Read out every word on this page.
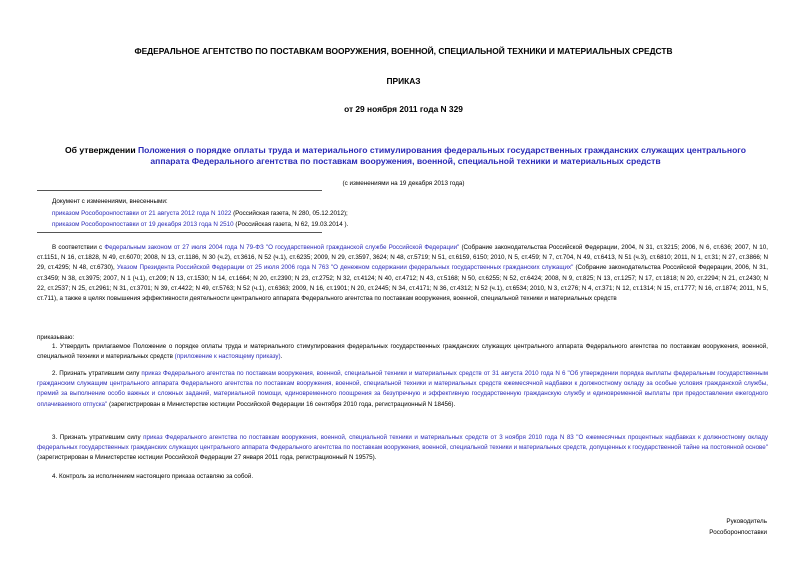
ФЕДЕРАЛЬНОЕ АГЕНТСТВО ПО ПОСТАВКАМ ВООРУЖЕНИЯ, ВОЕННОЙ, СПЕЦИАЛЬНОЙ ТЕХНИКИ И МАТЕРИАЛЬНЫХ СРЕДСТВ
ПРИКАЗ
от 29 ноября 2011 года N 329
Об утверждении Положения о порядке оплаты труда и материального стимулирования федеральных государственных гражданских служащих центрального аппарата Федерального агентства по поставкам вооружения, военной, специальной техники и материальных средств
(с изменениями на 19 декабря 2013 года)
Документ с изменениями, внесенными:
приказом Рособоронпоставки от 21 августа 2012 года N 1022 (Российская газета, N 280, 05.12.2012);
приказом Рособоронпоставки от 19 декабря 2013 года N 2510 (Российская газета, N 62, 19.03.2014 ).
В соответствии с Федеральным законом от 27 июля 2004 года N 79-ФЗ "О государственной гражданской службе Российской Федерации" (Собрание законодательства Российской Федерации, 2004, N 31, ст.3215; 2006, N 6, ст.636; 2007, N 10, ст.1151, N 16, ст.1828, N 49, ст.6070; 2008, N 13, ст.1186, N 30 (ч.2), ст.3616, N 52 (ч.1), ст.6235; 2009, N 29, ст.3597, 3624; N 48, ст.5719; N 51, ст.6159, 6150; 2010, N 5, ст.459; N 7, ст.704, N 49, ст.6413, N 51 (ч.3), ст.6810; 2011, N 1, ст.31; N 27, ст.3866; N 29, ст.4295; N 48, ст.6730), Указом Президента Российской Федерации от 25 июля 2006 года N 763 "О денежном содержании федеральных государственных гражданских служащих" (Собрание законодательства Российской Федерации, 2006, N 31, ст.3459; N 38, ст.3975; 2007, N 1 (ч.1), ст.209; N 13, ст.1530; N 14, ст.1664; N 20, ст.2390; N 23, ст.2752; N 32, ст.4124; N 40, ст.4712; N 43, ст.5168; N 50, ст.6255; N 52, ст.6424; 2008, N 9, ст.825; N 13, ст.1257; N 17, ст.1818; N 20, ст.2294; N 21, ст.2430; N 22, ст.2537; N 25, ст.2961; N 31, ст.3701; N 39, ст.4422; N 49, ст.5763; N 52 (ч.1), ст.6363; 2009, N 16, ст.1901; N 20, ст.2445; N 34, ст.4171; N 36, ст.4312; N 52 (ч.1), ст.6534; 2010, N 3, ст.276; N 4, ст.371; N 12, ст.1314; N 15, ст.1777; N 16, ст.1874; 2011, N 5, ст.711), а также в целях повышения эффективности деятельности центрального аппарата Федерального агентства по поставкам вооружения, военной, специальной техники и материальных средств
приказываю:
1. Утвердить прилагаемое Положение о порядке оплаты труда и материального стимулирования федеральных государственных гражданских служащих центрального аппарата Федерального агентства по поставкам вооружения, военной, специальной техники и материальных средств (приложение к настоящему приказу).
2. Признать утратившим силу приказ Федерального агентства по поставкам вооружения, военной, специальной техники и материальных средств от 31 августа 2010 года N 6 "Об утверждении порядка выплаты федеральным государственным гражданским служащим центрального аппарата Федерального агентства по поставкам вооружения, военной, специальной техники и материальных средств ежемесячной надбавки к должностному окладу за особые условия гражданской службы, премий за выполнение особо важных и сложных заданий, материальной помощи, единовременного поощрения за безупречную и эффективную государственную гражданскую службу и единовременной выплаты при предоставлении ежегодного оплачиваемого отпуска" (зарегистрирован в Министерстве юстиции Российской Федерации 16 сентября 2010 года, регистрационный N 18456).
3. Признать утратившим силу приказ Федерального агентства по поставкам вооружения, военной, специальной техники и материальных средств от 3 ноября 2010 года N 83 "О ежемесячных процентных надбавках к должностному окладу федеральных государственных гражданских служащих центрального аппарата Федерального агентства по поставкам вооружения, военной, специальной техники и материальных средств, допущенных к государственной тайне на постоянной основе" (зарегистрирован в Министерстве юстиции Российской Федерации 27 января 2011 года, регистрационный N 19575).
4. Контроль за исполнением настоящего приказа оставляю за собой.
Руководитель
Рособоронпоставки
